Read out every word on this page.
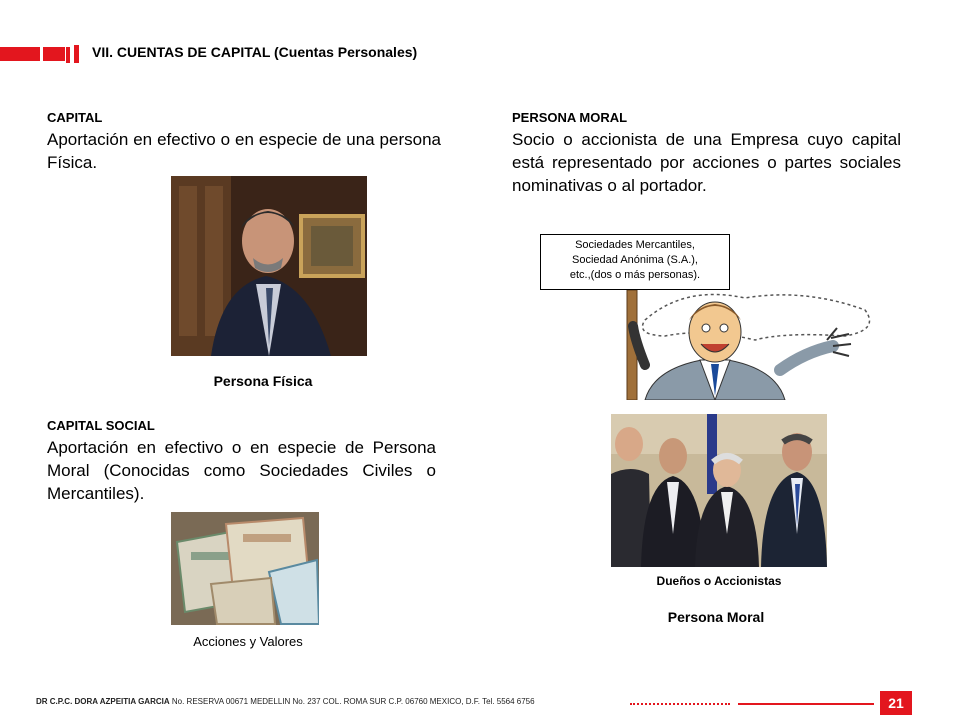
VII. CUENTAS DE CAPITAL (Cuentas Personales)
CAPITAL
Aportación en efectivo o en especie de una persona Física.
Persona Física
CAPITAL SOCIAL
Aportación en efectivo o en especie de Persona Moral (Conocidas como Sociedades Civiles o Mercantiles).
Acciones y Valores
PERSONA MORAL
Socio o accionista de una Empresa cuyo capital está representado por acciones o partes sociales nominativas o al portador.
Sociedades Mercantiles,
Sociedad Anónima (S.A.),
etc.,(dos o más personas).
Dueños o Accionistas
Persona Moral
DR C.P.C. DORA AZPEITIA GARCIA No. RESERVA 00671 MEDELLIN No. 237 COL. ROMA SUR C.P. 06760 MEXICO, D.F. Tel. 5564 6756	21
